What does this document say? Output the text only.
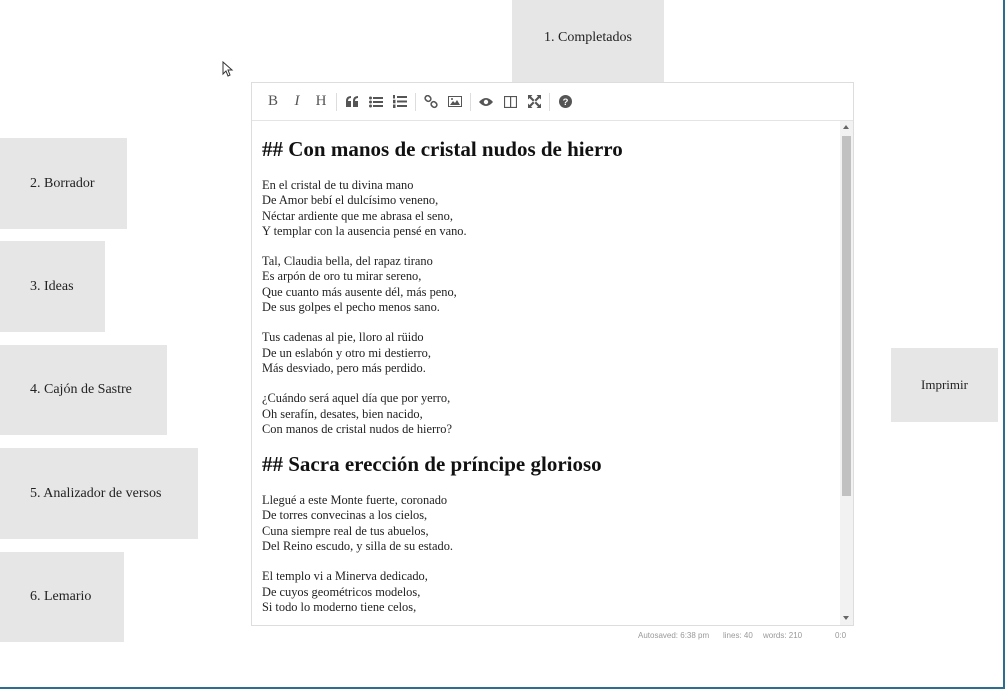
1. Completados
2. Borrador
3. Ideas
4. Cajón de Sastre
5. Analizador de versos
6. Lemario
Imprimir
B I H	?
## Con manos de cristal nudos de hierro
En el cristal de tu divina mano
De Amor bebí el dulcísimo veneno,
Néctar ardiente que me abrasa el seno,
Y templar con la ausencia pensé en vano.
Tal, Claudia bella, del rapaz tirano
Es arpón de oro tu mirar sereno,
Que cuanto más ausente dél, más peno,
De sus golpes el pecho menos sano.
Tus cadenas al pie, lloro al rüido
De un eslabón y otro mi destierro,
Más desviado, pero más perdido.
¿Cuándo será aquel día que por yerro,
Oh serafín, desates, bien nacido,
Con manos de cristal nudos de hierro?
## Sacra erección de príncipe glorioso
Llegué a este Monte fuerte, coronado
De torres convecinas a los cielos,
Cuna siempre real de tus abuelos,
Del Reino escudo, y silla de su estado.
El templo vi a Minerva dedicado,
De cuyos geométricos modelos,
Si todo lo moderno tiene celos,
Autosaved: 6:38 pm lines: 40 words: 210	0:0
